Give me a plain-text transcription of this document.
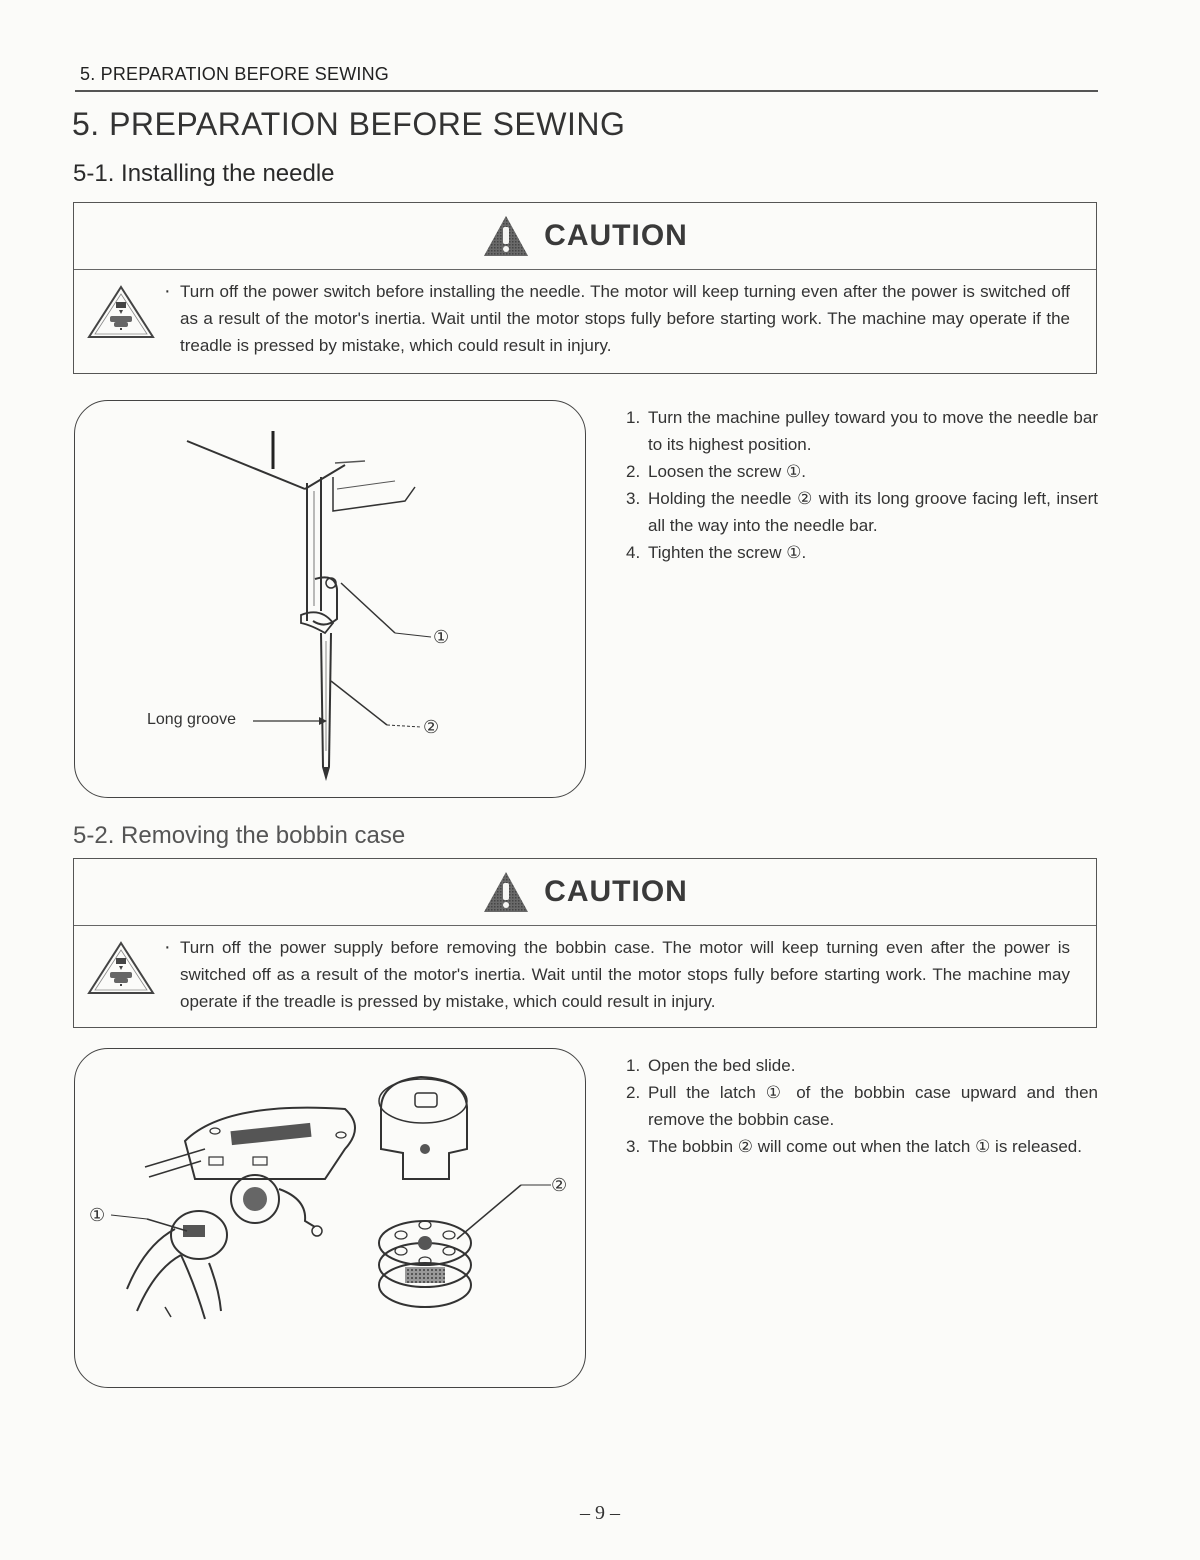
5. PREPARATION BEFORE SEWING
5. PREPARATION BEFORE SEWING
5-1. Installing the needle
CAUTION
· Turn off the power switch before installing the needle. The motor will keep turning even after the power is switched off as a result of the motor's inertia. Wait until the motor stops fully before starting work. The machine may operate if the treadle is pressed by mistake, which could result in injury.

Long groove
①
②
1. Turn the machine pulley toward you to move the needle bar to its highest position.
2. Loosen the screw ①.
3. Holding the needle ② with its long groove facing left, insert all the way into the needle bar.
4. Tighten the screw ①.
5-2. Removing the bobbin case
CAUTION
· Turn off the power supply before removing the bobbin case. The motor will keep turning even after the power is switched off as a result of the motor's inertia. Wait until the motor stops fully before starting work. The machine may operate if the treadle is pressed by mistake, which could result in injury.

①
②
1. Open the bed slide.
2. Pull the latch ① of the bobbin case upward and then remove the bobbin case.
3. The bobbin ② will come out when the latch ① is released.
– 9 –
